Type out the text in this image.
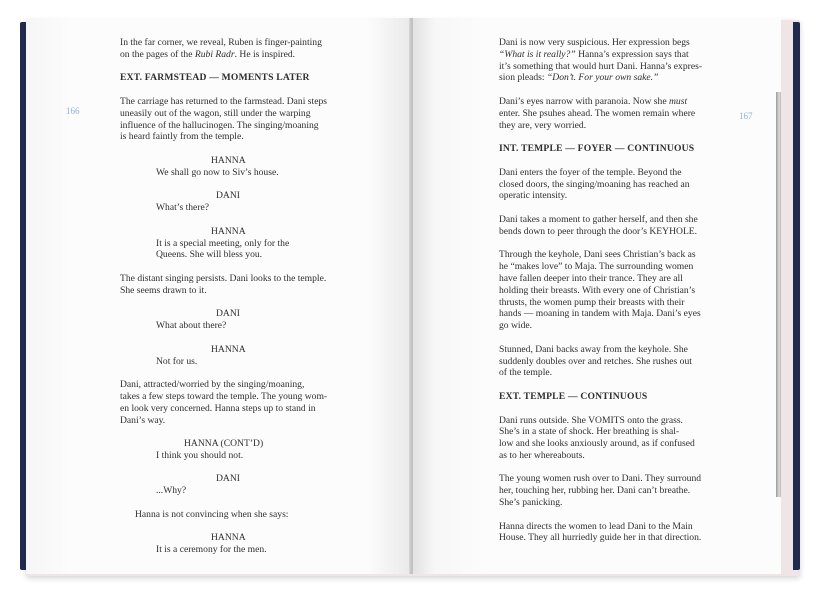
166
In the far corner, we reveal, Ruben is finger-painting
on the pages of the Rubi Radr. He is inspired.
EXT. FARMSTEAD — MOMENTS LATER
The carriage has returned to the farmstead. Dani steps
uneasily out of the wagon, still under the warping
influence of the hallucinogen. The singing/moaning
is heard faintly from the temple.
HANNA
We shall go now to Siv’s house.
DANI
What’s there?
HANNA
It is a special meeting, only for the
Queens. She will bless you.
The distant singing persists. Dani looks to the temple.
She seems drawn to it.
DANI
What about there?
HANNA
Not for us.
Dani, attracted/worried by the singing/moaning,
takes a few steps toward the temple. The young wom-
en look very concerned. Hanna steps up to stand in
Dani’s way.
HANNA (CONT’D)
I think you should not.
DANI
...Why?
Hanna is not convincing when she says:
HANNA
It is a ceremony for the men.
167
Dani is now very suspicious. Her expression begs
“What is it really?” Hanna’s expression says that
it’s something that would hurt Dani. Hanna’s expres-
sion pleads: “Don’t. For your own sake.”
Dani’s eyes narrow with paranoia. Now she must
enter. She psuhes ahead. The women remain where
they are, very worried.
INT. TEMPLE — FOYER — CONTINUOUS
Dani enters the foyer of the temple. Beyond the
closed doors, the singing/moaning has reached an
operatic intensity.
Dani takes a moment to gather herself, and then she
bends down to peer through the door’s KEYHOLE.
Through the keyhole, Dani sees Christian’s back as
he “makes love” to Maja. The surrounding women
have fallen deeper into their trance. They are all
holding their breasts. With every one of Christian’s
thrusts, the women pump their breasts with their
hands — moaning in tandem with Maja. Dani’s eyes
go wide.
Stunned, Dani backs away from the keyhole. She
suddenly doubles over and retches. She rushes out
of the temple.
EXT. TEMPLE — CONTINUOUS
Dani runs outside. She VOMITS onto the grass.
She’s in a state of shock. Her breathing is shal-
low and she looks anxiously around, as if confused
as to her whereabouts.
The young women rush over to Dani. They surround
her, touching her, rubbing her. Dani can’t breathe.
She’s panicking.
Hanna directs the women to lead Dani to the Main
House. They all hurriedly guide her in that direction.
